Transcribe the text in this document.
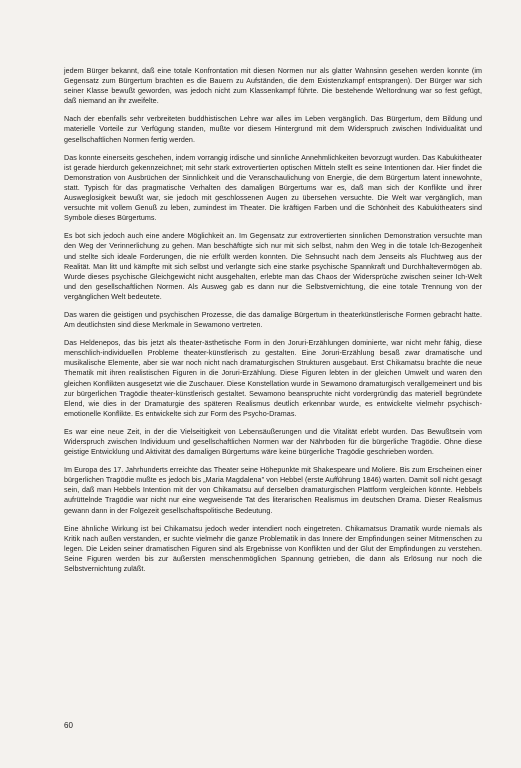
jedem Bürger bekannt, daß eine totale Konfrontation mit diesen Normen nur als glatter Wahnsinn gesehen werden konnte (im Gegensatz zum Bürgertum brachten es die Bauern zu Aufständen, die dem Existenzkampf entsprangen). Der Bürger war sich seiner Klasse bewußt geworden, was jedoch nicht zum Klassenkampf führte. Die bestehende Weltordnung war so fest gefügt, daß niemand an ihr zweifelte.

Nach der ebenfalls sehr verbreiteten buddhistischen Lehre war alles im Leben vergänglich. Das Bürgertum, dem Bildung und materielle Vorteile zur Verfügung standen, mußte vor diesem Hintergrund mit dem Widerspruch zwischen Individualität und gesellschaftlichen Normen fertig werden.

Das konnte einerseits geschehen, indem vorrangig irdische und sinnliche Annehmlichkeiten bevorzugt wurden. Das Kabukitheater ist gerade hierdurch gekennzeichnet; mit sehr stark extrovertierten optischen Mitteln stellt es seine Intentionen dar. Hier findet die Demonstration von Ausbrüchen der Sinnlichkeit und die Veranschaulichung von Energie, die dem Bürgertum latent innewohnte, statt. Typisch für das pragmatische Verhalten des damaligen Bürgertums war es, daß man sich der Konflikte und ihrer Ausweglosigkeit bewußt war, sie jedoch mit geschlossenen Augen zu übersehen versuchte. Die Welt war vergänglich, man versuchte mit vollem Genuß zu leben, zumindest im Theater. Die kräftigen Farben und die Schönheit des Kabukitheaters sind Symbole dieses Bürgertums.

Es bot sich jedoch auch eine andere Möglichkeit an. Im Gegensatz zur extrovertierten sinnlichen Demonstration versuchte man den Weg der Verinnerlichung zu gehen. Man beschäftigte sich nur mit sich selbst, nahm den Weg in die totale Ich-Bezogenheit und stellte sich ideale Forderungen, die nie erfüllt werden konnten. Die Sehnsucht nach dem Jenseits als Fluchtweg aus der Realität. Man litt und kämpfte mit sich selbst und verlangte sich eine starke psychische Spannkraft und Durchhaltevermögen ab. Wurde dieses psychische Gleichgewicht nicht ausgehalten, erlebte man das Chaos der Widersprüche zwischen seiner Ich-Welt und den gesellschaftlichen Normen. Als Ausweg gab es dann nur die Selbstvernichtung, die eine totale Trennung von der vergänglichen Welt bedeutete.

Das waren die geistigen und psychischen Prozesse, die das damalige Bürgertum in theaterkünstlerische Formen gebracht hatte. Am deutlichsten sind diese Merkmale in Sewamono vertreten.

Das Heldenepos, das bis jetzt als theater-ästhetische Form in den Joruri-Erzählungen dominierte, war nicht mehr fähig, diese menschlich-individuellen Probleme theater-künstlerisch zu gestalten. Eine Joruri-Erzählung besaß zwar dramatische und musikalische Elemente, aber sie war noch nicht nach dramaturgischen Strukturen ausgebaut. Erst Chikamatsu brachte die neue Thematik mit ihren realistischen Figuren in die Joruri-Erzählung. Diese Figuren lebten in der gleichen Umwelt und waren den gleichen Konflikten ausgesetzt wie die Zuschauer. Diese Konstellation wurde in Sewamono dramaturgisch verallgemeinert und bis zur bürgerlichen Tragödie theater-künstlerisch gestaltet. Sewamono beanspruchte nicht vordergründig das materiell begründete Elend, wie dies in der Dramaturgie des späteren Realismus deutlich erkennbar wurde, es entwickelte vielmehr psychisch-emotionelle Konflikte. Es entwickelte sich zur Form des Psycho-Dramas.

Es war eine neue Zeit, in der die Vielseitigkeit von Lebensäußerungen und die Vitalität erlebt wurden. Das Bewußtsein vom Widerspruch zwischen Individuum und gesellschaftlichen Normen war der Nährboden für die bürgerliche Tragödie. Ohne diese geistige Entwicklung und Aktivität des damaligen Bürgertums wäre keine bürgerliche Tragödie geschrieben worden.

Im Europa des 17. Jahrhunderts erreichte das Theater seine Höhepunkte mit Shakespeare und Moliere. Bis zum Erscheinen einer bürgerlichen Tragödie mußte es jedoch bis „Maria Magdalena" von Hebbel (erste Aufführung 1846) warten. Damit soll nicht gesagt sein, daß man Hebbels Intention mit der von Chikamatsu auf derselben dramaturgischen Plattform vergleichen könnte. Hebbels aufrüttelnde Tragödie war nicht nur eine wegweisende Tat des literarischen Realismus im deutschen Drama. Dieser Realismus gewann dann in der Folgezeit gesellschaftspolitische Bedeutung.

Eine ähnliche Wirkung ist bei Chikamatsu jedoch weder intendiert noch eingetreten. Chikamatsus Dramatik wurde niemals als Kritik nach außen verstanden, er suchte vielmehr die ganze Problematik in das Innere der Empfindungen seiner Mitmenschen zu legen. Die Leiden seiner dramatischen Figuren sind als Ergebnisse von Konflikten und der Glut der Empfindungen zu verstehen. Seine Figuren werden bis zur äußersten menschenmöglichen Spannung getrieben, die dann als Erlösung nur noch die Selbstvernichtung zuläßt.

60
